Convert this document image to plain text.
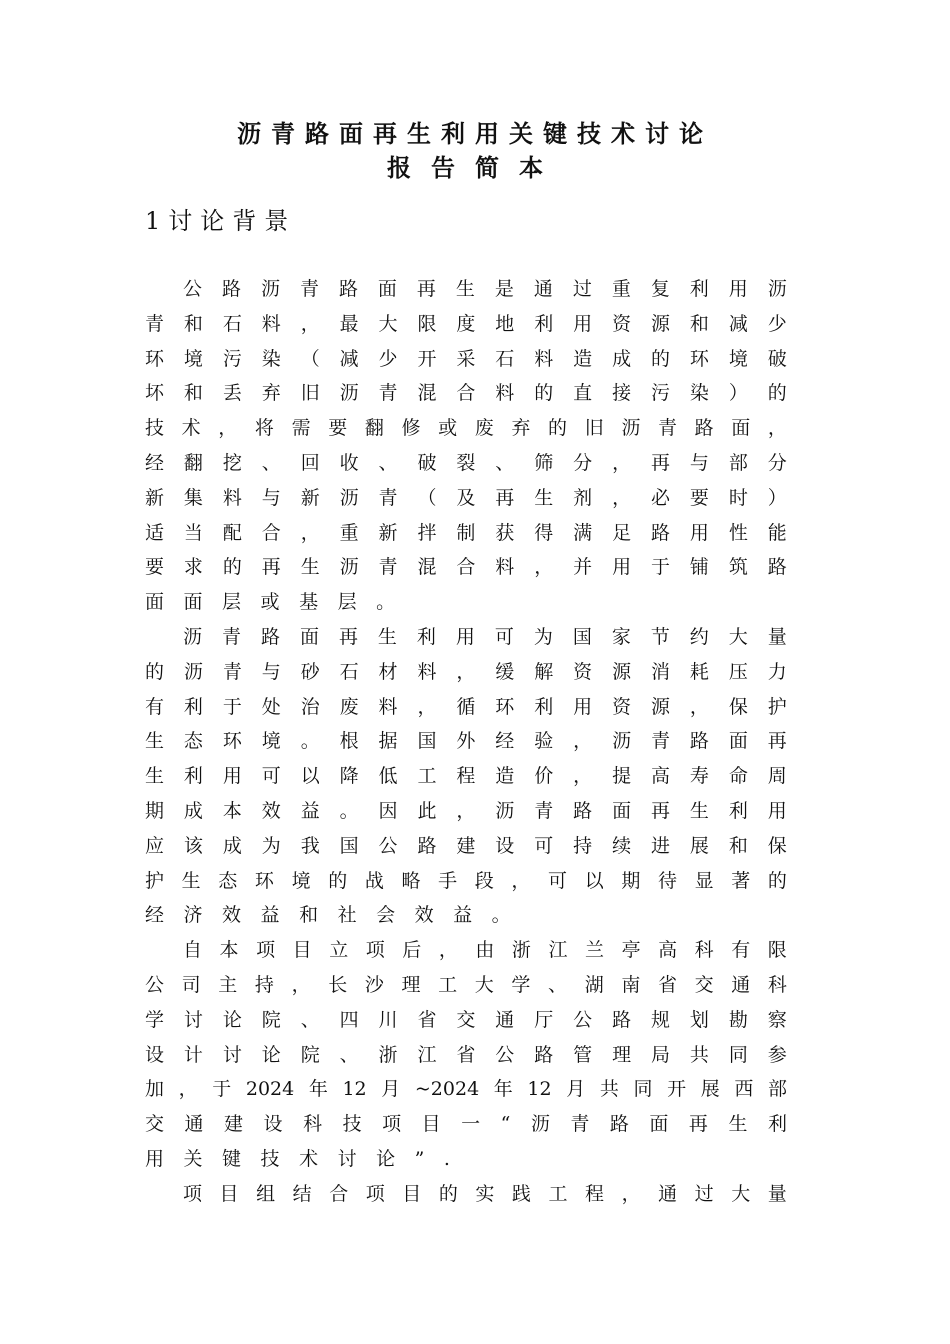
沥青路面再生利用关键技术讨论
报告简本
1讨论背景
公 路 沥 青 路 面 再 生 是 通 过 重 复 利 用 沥
青 和 石 料 ， 最 大 限 度 地 利 用 资 源 和 减 少
环 境 污 染 （ 减 少 开 采 石 料 造 成 的 环 境 破
坏 和 丢 弃 旧 沥 青 混 合 料 的 直 接 污 染 ） 的
技 术 ， 将 需 要 翻 修 或 废 弃 的 旧 沥 青 路 面 ，
经 翻 挖 、 回 收 、 破 裂 、 筛 分 ， 再 与 部 分
新 集 料 与 新 沥 青 （ 及 再 生 剂 ， 必 要 时 ）
适 当 配 合 ， 重 新 拌 制 获 得 满 足 路 用 性 能
要 求 的 再 生 沥 青 混 合 料 ， 并 用 于 铺 筑 路
面 面 层 或 基 层 。
沥 青 路 面 再 生 利 用 可 为 国 家 节 约 大 量
的 沥 青 与 砂 石 材 料 ， 缓 解 资 源 消 耗 压 力
有 利 于 处 治 废 料 ， 循 环 利 用 资 源 ， 保 护
生 态 环 境 。 根 据 国 外 经 验 ， 沥 青 路 面 再
生 利 用 可 以 降 低 工 程 造 价 ， 提 高 寿 命 周
期 成 本 效 益 。 因 此 ， 沥 青 路 面 再 生 利 用
应 该 成 为 我 国 公 路 建 设 可 持 续 进 展 和 保
护 生 态 环 境 的 战 略 手 段 ， 可 以 期 待 显 著 的
经 济 效 益 和 社 会 效 益 。
自 本 项 目 立 项 后 ， 由 浙 江 兰 亭 高 科 有 限
公 司 主 持 ， 长 沙 理 工 大 学 、 湖 南 省 交 通 科
学 讨 论 院 、 四 川 省 交 通 厅 公 路 规 划 勘 察
设 计 讨 论 院 、 浙 江 省 公 路 管 理 局 共 同 参
加 ， 于 2024 年 12 月 ~2024 年 12 月 共 同 开 展 西 部
交 通 建 设 科 技 项 目 一 “ 沥 青 路 面 再 生 利
用 关 键 技 术 讨 论 ” .
项 目 组 结 合 项 目 的 实 践 工 程 ， 通 过 大 量
